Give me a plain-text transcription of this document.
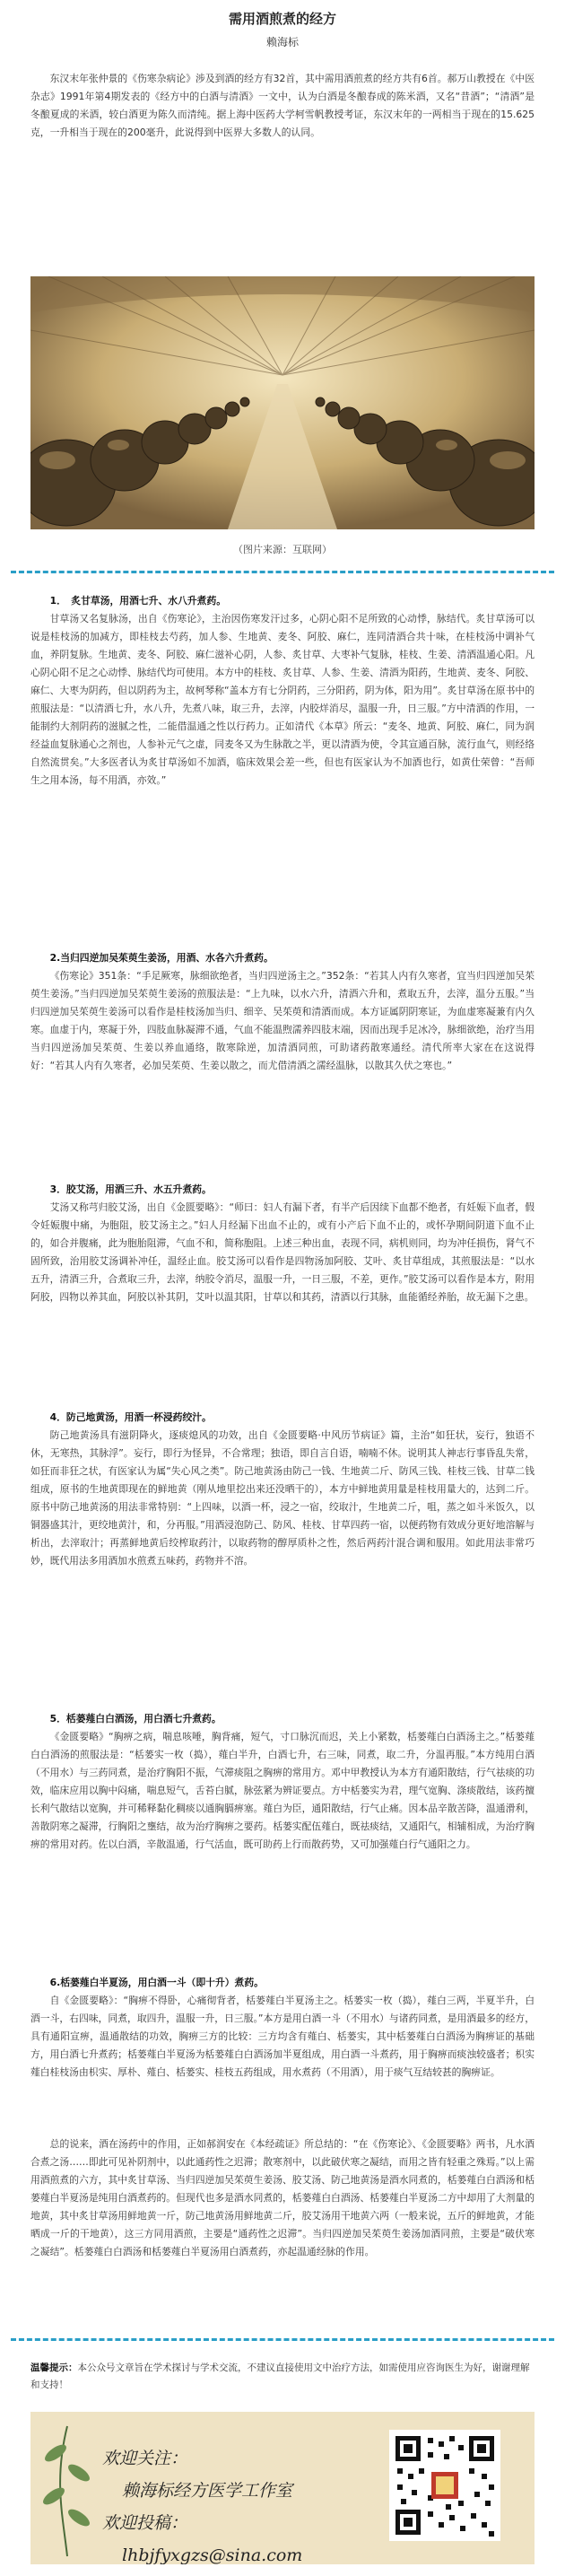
需用酒煎煮的经方
赖海标

东汉末年张仲景的《伤寒杂病论》涉及到酒的经方有32首，其中需用酒煎煮的经方共有6首。郝万山教授在《中医杂志》1991年第4期发表的《经方中的白酒与清酒》一文中，认为白酒是冬酿春成的陈米酒，又名“昔酒”；“清酒”是冬酿夏成的米酒，较白酒更为陈久而清纯。据上海中医药大学柯雪帆教授考证，东汉末年的一两相当于现在的15.625克，一升相当于现在的200毫升，此说得到中医界大多数人的认同。

（图片来源：互联网）

1．　炙甘草汤，用酒七升、水八升煮药。

甘草汤又名复脉汤，出自《伤寒论》，主治因伤寒发汗过多，心阴心阳不足所致的心动悸，脉结代。炙甘草汤可以说是桂枝汤的加减方，即桂枝去芍药，加人参、生地黄、麦冬、阿胶、麻仁，连同清酒合共十味，在桂枝汤中调补气血，养阴复脉。生地黄、麦冬、阿胶、麻仁滋补心阴，人参、炙甘草、大枣补气复脉，桂枝、生姜、清酒温通心阳。凡心阴心阳不足之心动悸、脉结代均可使用。本方中的桂枝、炙甘草、人参、生姜、清酒为阳药，生地黄、麦冬、阿胶、麻仁、大枣为阴药，但以阴药为主，故柯琴称“盖本方有七分阴药，三分阳药，阴为体，阳为用”。炙甘草汤在原书中的煎服法是：“以清酒七升，水八升，先煮八味，取三升，去滓，内胶烊消尽，温服一升，日三服。”方中清酒的作用，一能制约大剂阴药的滋腻之性，二能借温通之性以行药力。正如清代《本草》所云：“麦冬、地黄、阿胶、麻仁，同为润经益血复脉通心之剂也，人参补元气之虚，同麦冬又为生脉散之半，更以清酒为使，令其宣通百脉，流行血气，则经络自然流贯矣。”大多医者认为炙甘草汤如不加酒，临床效果会差一些，但也有医家认为不加酒也行，如黄仕荣曾：“吾师生之用本汤，每不用酒，亦效。”

2.当归四逆加吴茱萸生姜汤，用酒、水各六升煮药。

《伤寒论》351条：“手足厥寒，脉细欲绝者，当归四逆汤主之。”352条：“若其人内有久寒者，宜当归四逆加吴茱萸生姜汤。”当归四逆加吴茱萸生姜汤的煎服法是：“上九味，以水六升，清酒六升和，煮取五升，去滓，温分五服。”当归四逆加吴茱萸生姜汤可以看作是桂枝汤加当归、细辛、吴茱萸和清酒而成。本方证属阴阴寒证，为血虚寒凝兼有内久寒。血虚于内，寒凝于外，四肢血脉凝滞不通，气血不能温煦濡养四肢末端，因而出现手足冰冷，脉细欲绝，治疗当用当归四逆汤加吴茱萸、生姜以养血通络，散寒除逆，加清酒同煎，可助诸药散寒通经。清代所率大家在在这说得好：“若其人内有久寒者，必加吴茱萸、生姜以散之，而尤借清酒之濡经温脉，以散其久伏之寒也。”

3．胶艾汤，用酒三升、水五升煮药。

艾汤又称芎归胶艾汤，出自《金匮要略》：“师曰：妇人有漏下者，有半产后因续下血都不绝者，有妊娠下血者，假令妊娠腹中痛，为胞阻，胶艾汤主之。”妇人月经漏下出血不止的，或有小产后下血不止的，或怀孕期间阴道下血不止的，如合并腹痛，此为胞胎阻滞，气血不和，简称胞阻。上述三种出血，表现不同，病机则同，均为冲任损伤，肾气不固所致，治用胶艾汤调补冲任，温经止血。胶艾汤可以看作是四物汤加阿胶、艾叶、炙甘草组成，其煎服法是：“以水五升，清酒三升，合煮取三升，去滓，纳胶令消尽，温服一升，一日三服，不差，更作。”胶艾汤可以看作是本方，附用阿胶，四物以养其血，阿胶以补其阴，艾叶以温其阳，甘草以和其药，清酒以行其脉，血能循经养胎，故无漏下之患。

4．防己地黄汤，用酒一杯浸药绞汁。

防己地黄汤具有滋阴降火，逐痰熄风的功效，出自《金匮要略·中风历节病证》篇，主治“如狂状，妄行，独语不休，无寒热，其脉浮”。妄行，即行为怪异，不合常理；独语，即自言自语，喃喃不休。说明其人神志行事昏乱失常，如狂而非狂之状，有医家认为属“失心风之类”。防己地黄汤由防己一钱、生地黄二斤、防风三钱、桂枝三钱、甘草二钱组成，原书的生地黄即现在的鲜地黄（刚从地里挖出来还没晒干的），本方中鲜地黄用量是桂枝用量大的，达到二斤。原书中防己地黄汤的用法非常特别：“上四味，以酒一杯，浸之一宿，绞取汁，生地黄二斤，咀，蒸之如斗米饭久，以铜器盛其汁，更绞地黄汁，和，分再服。”用酒浸泡防己、防风、桂枝、甘草四药一宿，以便药物有效成分更好地溶解与析出，去滓取汁；再蒸鲜地黄后绞榨取药汁，以取药物的醇厚质朴之性，然后两药汁混合调和服用。如此用法非常巧妙，既代用法多用酒加水煎煮五味药，药物并不溶。

5．栝蒌薤白白酒汤，用白酒七升煮药。

《金匮要略》“胸痹之病，喘息咳唾，胸背痛，短气，寸口脉沉而迟，关上小紧数，栝蒌薤白白酒汤主之。”栝蒌薤白白酒汤的煎服法是：“栝蒌实一枚（捣），薤白半升，白酒七升，右三味，同煮，取二升，分温再服。”本方纯用白酒（不用水）与三药同煮，是治疗胸阳不振，气滞痰阻之胸痹的常用方。邓中甲教授认为本方有通阳散结，行气祛痰的功效，临床应用以胸中闷痛，喘息短气，舌苔白腻，脉弦紧为辨证要点。方中栝蒌实为君，理气宽胸、涤痰散结，该药擅长利气散结以宽胸，并可稀释黏化稠痰以通胸膈痹塞。薤白为臣，通阳散结，行气止痛。因本品辛散苦降，温通滑利，善散阴寒之凝滞，行胸阳之壅结，故为治疗胸痹之要药。栝蒌实配伍薤白，既祛痰结，又通阳气，相辅相成，为治疗胸痹的常用对药。佐以白酒，辛散温通，行气活血，既可助药上行而散药势，又可加强薤白行气通阳之力。

6.栝蒌薤白半夏汤，用白酒一斗（即十升）煮药。

自《金匮要略》：“胸痹不得卧，心痛彻背者，栝蒌薤白半夏汤主之。栝蒌实一枚（捣），薤白三两，半夏半升，白酒一斗，右四味，同煮，取四升，温服一升，日三服。”本方是用白酒一斗（不用水）与诸药同煮，是用酒最多的经方，具有通阳宣痹，温通散结的功效，胸痹三方的比较：三方均含有薤白、栝蒌实，其中栝蒌薤白白酒汤为胸痹证的基础方，用白酒七升煮药；栝蒌薤白半夏汤为栝蒌薤白白酒汤加半夏组成，用白酒一斗煮药，用于胸痹而痰浊较盛者；枳实薤白桂枝汤由枳实、厚朴、薤白、栝蒌实、桂枝五药组成，用水煮药（不用酒），用于痰气互结较甚的胸痹证。

总的说来，酒在汤药中的作用，正如郝润安在《本经疏证》所总结的：“在《伤寒论》、《金匮要略》两书，凡水酒合煮之汤……即此可见补阴剂中，以此通药性之迟滞；散寒剂中，以此破伏寒之凝结，而用之皆有轻重之殊焉。”以上需用酒煎煮的六方，其中炙甘草汤、当归四逆加吴茱萸生姜汤、胶艾汤、防己地黄汤是酒水同煮的，栝蒌薤白白酒汤和栝蒌薤白半夏汤是纯用白酒煮药的。但现代也多是酒水同煮的，栝蒌薤白白酒汤、栝蒌薤白半夏汤二方中却用了大剂量的地黄，其中炙甘草汤用鲜地黄一斤，防己地黄汤用鲜地黄二斤，胶艾汤用干地黄六两（一般来说，五斤的鲜地黄，才能晒成一斤的干地黄），这三方同用酒煎，主要是“通药性之迟滞”。当归四逆加吴茱萸生姜汤加酒同煎，主要是“破伏寒之凝结”。栝蒌薤白白酒汤和栝蒌薤白半夏汤用白酒煮药，亦起温通经脉的作用。

温馨提示：本公众号文章旨在学术探讨与学术交流，不建议直接使用文中治疗方法，如需使用应咨询医生为好，谢谢理解和支持！
欢迎关注：
赖海标经方医学工作室
欢迎投稿：
lhbjfyxgzs@sina.com
